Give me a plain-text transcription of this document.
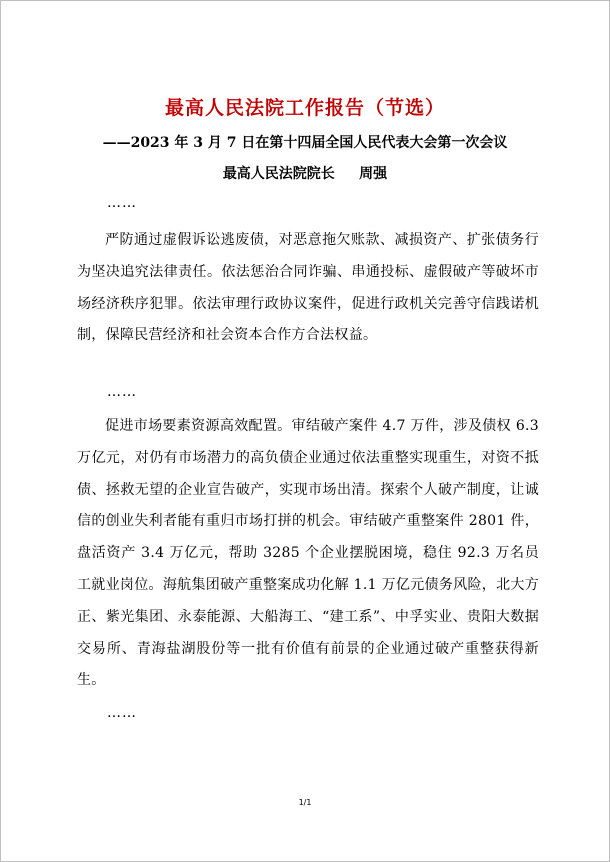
最高人民法院工作报告（节选）
——2023 年 3 月 7 日在第十四届全国人民代表大会第一次会议
最高人民法院院长     周强
……
严防通过虚假诉讼逃废债，对恶意拖欠账款、减损资产、扩张债务行为坚决追究法律责任。依法惩治合同诈骗、串通投标、虚假破产等破坏市场经济秩序犯罪。依法审理行政协议案件，促进行政机关完善守信践诺机制，保障民营经济和社会资本合作方合法权益。
……
促进市场要素资源高效配置。审结破产案件 4.7 万件，涉及债权 6.3 万亿元，对仍有市场潜力的高负债企业通过依法重整实现重生，对资不抵债、拯救无望的企业宣告破产，实现市场出清。探索个人破产制度，让诚信的创业失利者能有重归市场打拼的机会。审结破产重整案件 2801 件，盘活资产 3.4 万亿元，帮助 3285 个企业摆脱困境，稳住 92.3 万名员工就业岗位。海航集团破产重整案成功化解 1.1 万亿元债务风险，北大方正、紫光集团、永泰能源、大船海工、“建工系”、中孚实业、贵阳大数据交易所、青海盐湖股份等一批有价值有前景的企业通过破产重整获得新生。
……
1/1
